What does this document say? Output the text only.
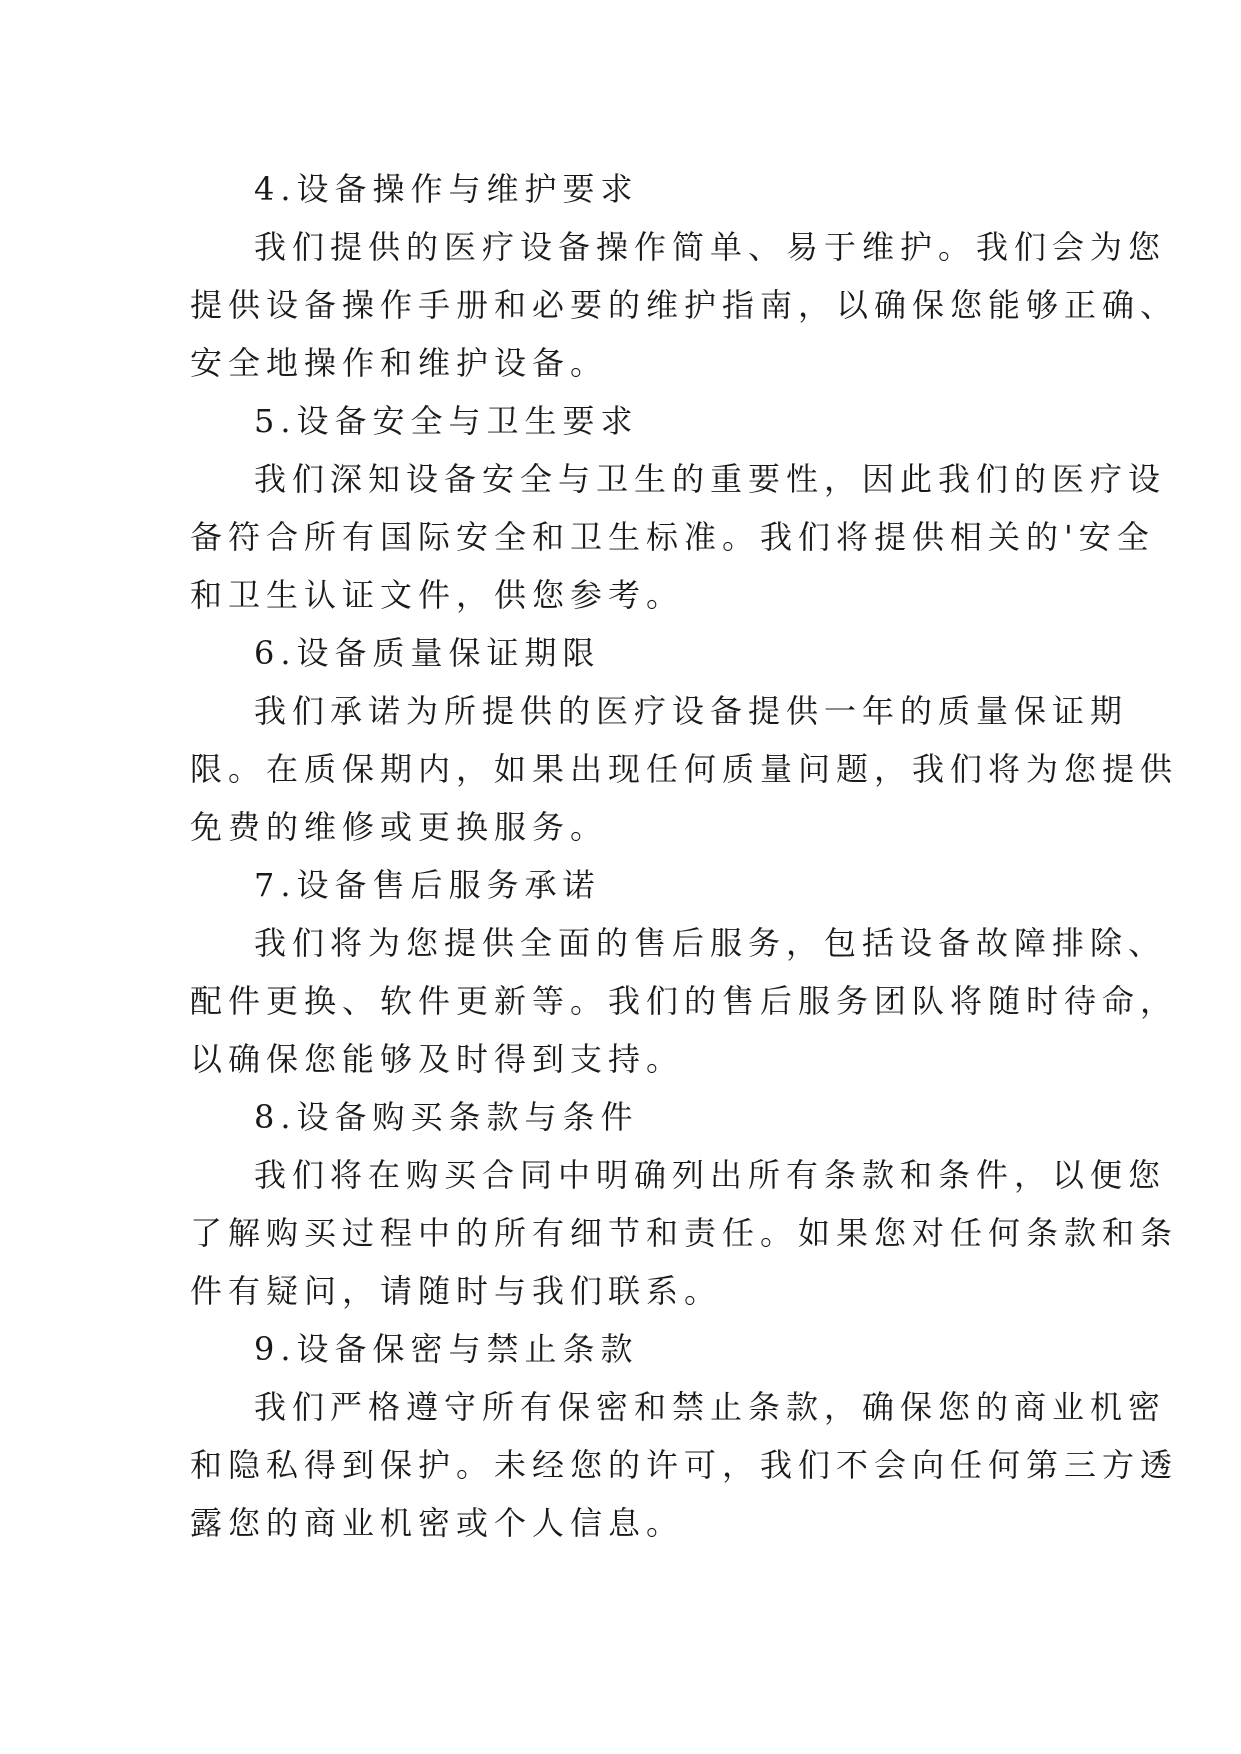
4.设备操作与维护要求
我们提供的医疗设备操作简单、易于维护。我们会为您
提供设备操作手册和必要的维护指南，以确保您能够正确、
安全地操作和维护设备。
5.设备安全与卫生要求
我们深知设备安全与卫生的重要性，因此我们的医疗设
备符合所有国际安全和卫生标准。我们将提供相关的'安全
和卫生认证文件，供您参考。
6.设备质量保证期限
我们承诺为所提供的医疗设备提供一年的质量保证期
限。在质保期内，如果出现任何质量问题，我们将为您提供
免费的维修或更换服务。
7.设备售后服务承诺
我们将为您提供全面的售后服务，包括设备故障排除、
配件更换、软件更新等。我们的售后服务团队将随时待命，
以确保您能够及时得到支持。
8.设备购买条款与条件
我们将在购买合同中明确列出所有条款和条件，以便您
了解购买过程中的所有细节和责任。如果您对任何条款和条
件有疑问，请随时与我们联系。
9.设备保密与禁止条款
我们严格遵守所有保密和禁止条款，确保您的商业机密
和隐私得到保护。未经您的许可，我们不会向任何第三方透
露您的商业机密或个人信息。
